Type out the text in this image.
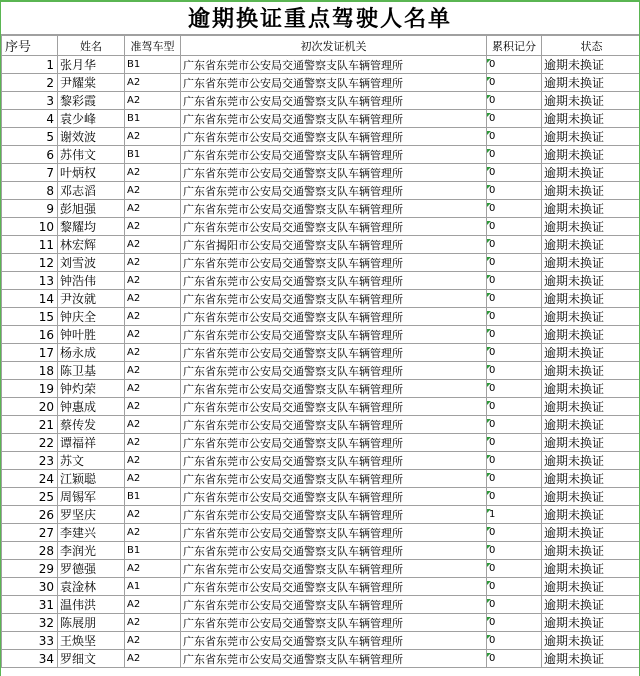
逾期换证重点驾驶人名单
序号	姓名	准驾车型	初次发证机关	累积记分	状态
1	张月华	B1	广东省东莞市公安局交通警察支队车辆管理所	0	逾期未换证
2	尹耀棠	A2	广东省东莞市公安局交通警察支队车辆管理所	0	逾期未换证
3	黎彩霞	A2	广东省东莞市公安局交通警察支队车辆管理所	0	逾期未换证
4	袁少峰	B1	广东省东莞市公安局交通警察支队车辆管理所	0	逾期未换证
5	谢效波	A2	广东省东莞市公安局交通警察支队车辆管理所	0	逾期未换证
6	苏伟文	B1	广东省东莞市公安局交通警察支队车辆管理所	0	逾期未换证
7	叶炳权	A2	广东省东莞市公安局交通警察支队车辆管理所	0	逾期未换证
8	邓志滔	A2	广东省东莞市公安局交通警察支队车辆管理所	0	逾期未换证
9	彭旭强	A2	广东省东莞市公安局交通警察支队车辆管理所	0	逾期未换证
10	黎耀均	A2	广东省东莞市公安局交通警察支队车辆管理所	0	逾期未换证
11	林宏辉	A2	广东省揭阳市公安局交通警察支队车辆管理所	0	逾期未换证
12	刘雪波	A2	广东省东莞市公安局交通警察支队车辆管理所	0	逾期未换证
13	钟浩伟	A2	广东省东莞市公安局交通警察支队车辆管理所	0	逾期未换证
14	尹汝就	A2	广东省东莞市公安局交通警察支队车辆管理所	0	逾期未换证
15	钟庆全	A2	广东省东莞市公安局交通警察支队车辆管理所	0	逾期未换证
16	钟叶胜	A2	广东省东莞市公安局交通警察支队车辆管理所	0	逾期未换证
17	杨永成	A2	广东省东莞市公安局交通警察支队车辆管理所	0	逾期未换证
18	陈卫基	A2	广东省东莞市公安局交通警察支队车辆管理所	0	逾期未换证
19	钟灼荣	A2	广东省东莞市公安局交通警察支队车辆管理所	0	逾期未换证
20	钟惠成	A2	广东省东莞市公安局交通警察支队车辆管理所	0	逾期未换证
21	蔡传发	A2	广东省东莞市公安局交通警察支队车辆管理所	0	逾期未换证
22	谭福祥	A2	广东省东莞市公安局交通警察支队车辆管理所	0	逾期未换证
23	苏文	A2	广东省东莞市公安局交通警察支队车辆管理所	0	逾期未换证
24	江颖聪	A2	广东省东莞市公安局交通警察支队车辆管理所	0	逾期未换证
25	周锡军	B1	广东省东莞市公安局交通警察支队车辆管理所	0	逾期未换证
26	罗坚庆	A2	广东省东莞市公安局交通警察支队车辆管理所	1	逾期未换证
27	李建兴	A2	广东省东莞市公安局交通警察支队车辆管理所	0	逾期未换证
28	李润光	B1	广东省东莞市公安局交通警察支队车辆管理所	0	逾期未换证
29	罗德强	A2	广东省东莞市公安局交通警察支队车辆管理所	0	逾期未换证
30	袁淦林	A1	广东省东莞市公安局交通警察支队车辆管理所	0	逾期未换证
31	温伟洪	A2	广东省东莞市公安局交通警察支队车辆管理所	0	逾期未换证
32	陈展朋	A2	广东省东莞市公安局交通警察支队车辆管理所	0	逾期未换证
33	王焕坚	A2	广东省东莞市公安局交通警察支队车辆管理所	0	逾期未换证
34	罗细文	A2	广东省东莞市公安局交通警察支队车辆管理所	0	逾期未换证
